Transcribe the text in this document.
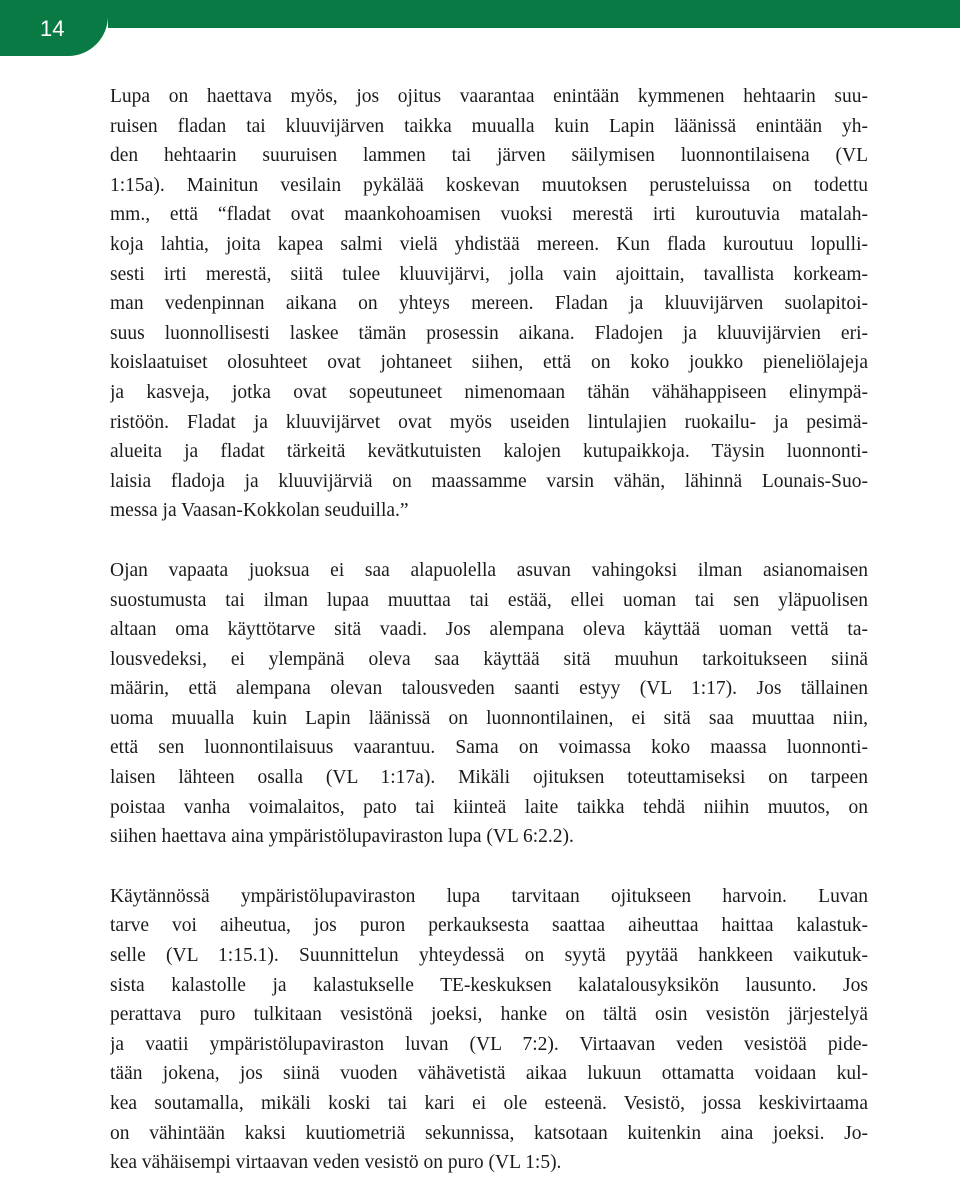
14
Lupa on haettava myös, jos ojitus vaarantaa enintään kymmenen hehtaarin suu-
ruisen fladan tai kluuvijärven taikka muualla kuin Lapin läänissä enintään yh-
den hehtaarin suuruisen lammen tai järven säilymisen luonnontilaisena (VL
1:15a). Mainitun vesilain pykälää koskevan muutoksen perusteluissa on todettu
mm., että “fladat ovat maankohoamisen vuoksi merestä irti kuroutuvia matalah-
koja lahtia, joita kapea salmi vielä yhdistää mereen. Kun flada kuroutuu lopulli-
sesti irti merestä, siitä tulee kluuvijärvi, jolla vain ajoittain, tavallista korkeam-
man vedenpinnan aikana on yhteys mereen. Fladan ja kluuvijärven suolapitoi-
suus luonnollisesti laskee tämän prosessin aikana. Fladojen ja kluuvijärvien eri-
koislaatuiset olosuhteet ovat johtaneet siihen, että on koko joukko pieneliölajeja
ja kasveja, jotka ovat sopeutuneet nimenomaan tähän vähähappiseen elinympä-
ristöön. Fladat ja kluuvijärvet ovat myös useiden lintulajien ruokailu- ja pesimä-
alueita ja fladat tärkeitä kevätkutuisten kalojen kutupaikkoja. Täysin luonnonti-
laisia fladoja ja kluuvijärviä on maassamme varsin vähän, lähinnä Lounais-Suo-
messa ja Vaasan-Kokkolan seuduilla.”
Ojan vapaata juoksua ei saa alapuolella asuvan vahingoksi ilman asianomaisen
suostumusta tai ilman lupaa muuttaa tai estää, ellei uoman tai sen yläpuolisen
altaan oma käyttötarve sitä vaadi. Jos alempana oleva käyttää uoman vettä ta-
lousvedeksi, ei ylempänä oleva saa käyttää sitä muuhun tarkoitukseen siinä
määrin, että alempana olevan talousveden saanti estyy (VL 1:17). Jos tällainen
uoma muualla kuin Lapin läänissä on luonnontilainen, ei sitä saa muuttaa niin,
että sen luonnontilaisuus vaarantuu. Sama on voimassa koko maassa luonnonti-
laisen lähteen osalla (VL 1:17a). Mikäli ojituksen toteuttamiseksi on tarpeen
poistaa vanha voimalaitos, pato tai kiinteä laite taikka tehdä niihin muutos, on
siihen haettava aina ympäristölupaviraston lupa (VL 6:2.2).
Käytännössä ympäristölupaviraston lupa tarvitaan ojitukseen harvoin. Luvan
tarve voi aiheutua, jos puron perkauksesta saattaa aiheuttaa haittaa kalastuk-
selle (VL 1:15.1). Suunnittelun yhteydessä on syytä pyytää hankkeen vaikutuk-
sista kalastolle ja kalastukselle TE-keskuksen kalatalousyksikön lausunto. Jos
perattava puro tulkitaan vesistönä joeksi, hanke on tältä osin vesistön järjestelyä
ja vaatii ympäristölupaviraston luvan (VL 7:2). Virtaavan veden vesistöä pide-
tään jokena, jos siinä vuoden vähävetistä aikaa lukuun ottamatta voidaan kul-
kea soutamalla, mikäli koski tai kari ei ole esteenä. Vesistö, jossa keskivirtaama
on vähintään kaksi kuutiometriä sekunnissa, katsotaan kuitenkin aina joeksi. Jo-
kea vähäisempi virtaavan veden vesistö on puro (VL 1:5).
